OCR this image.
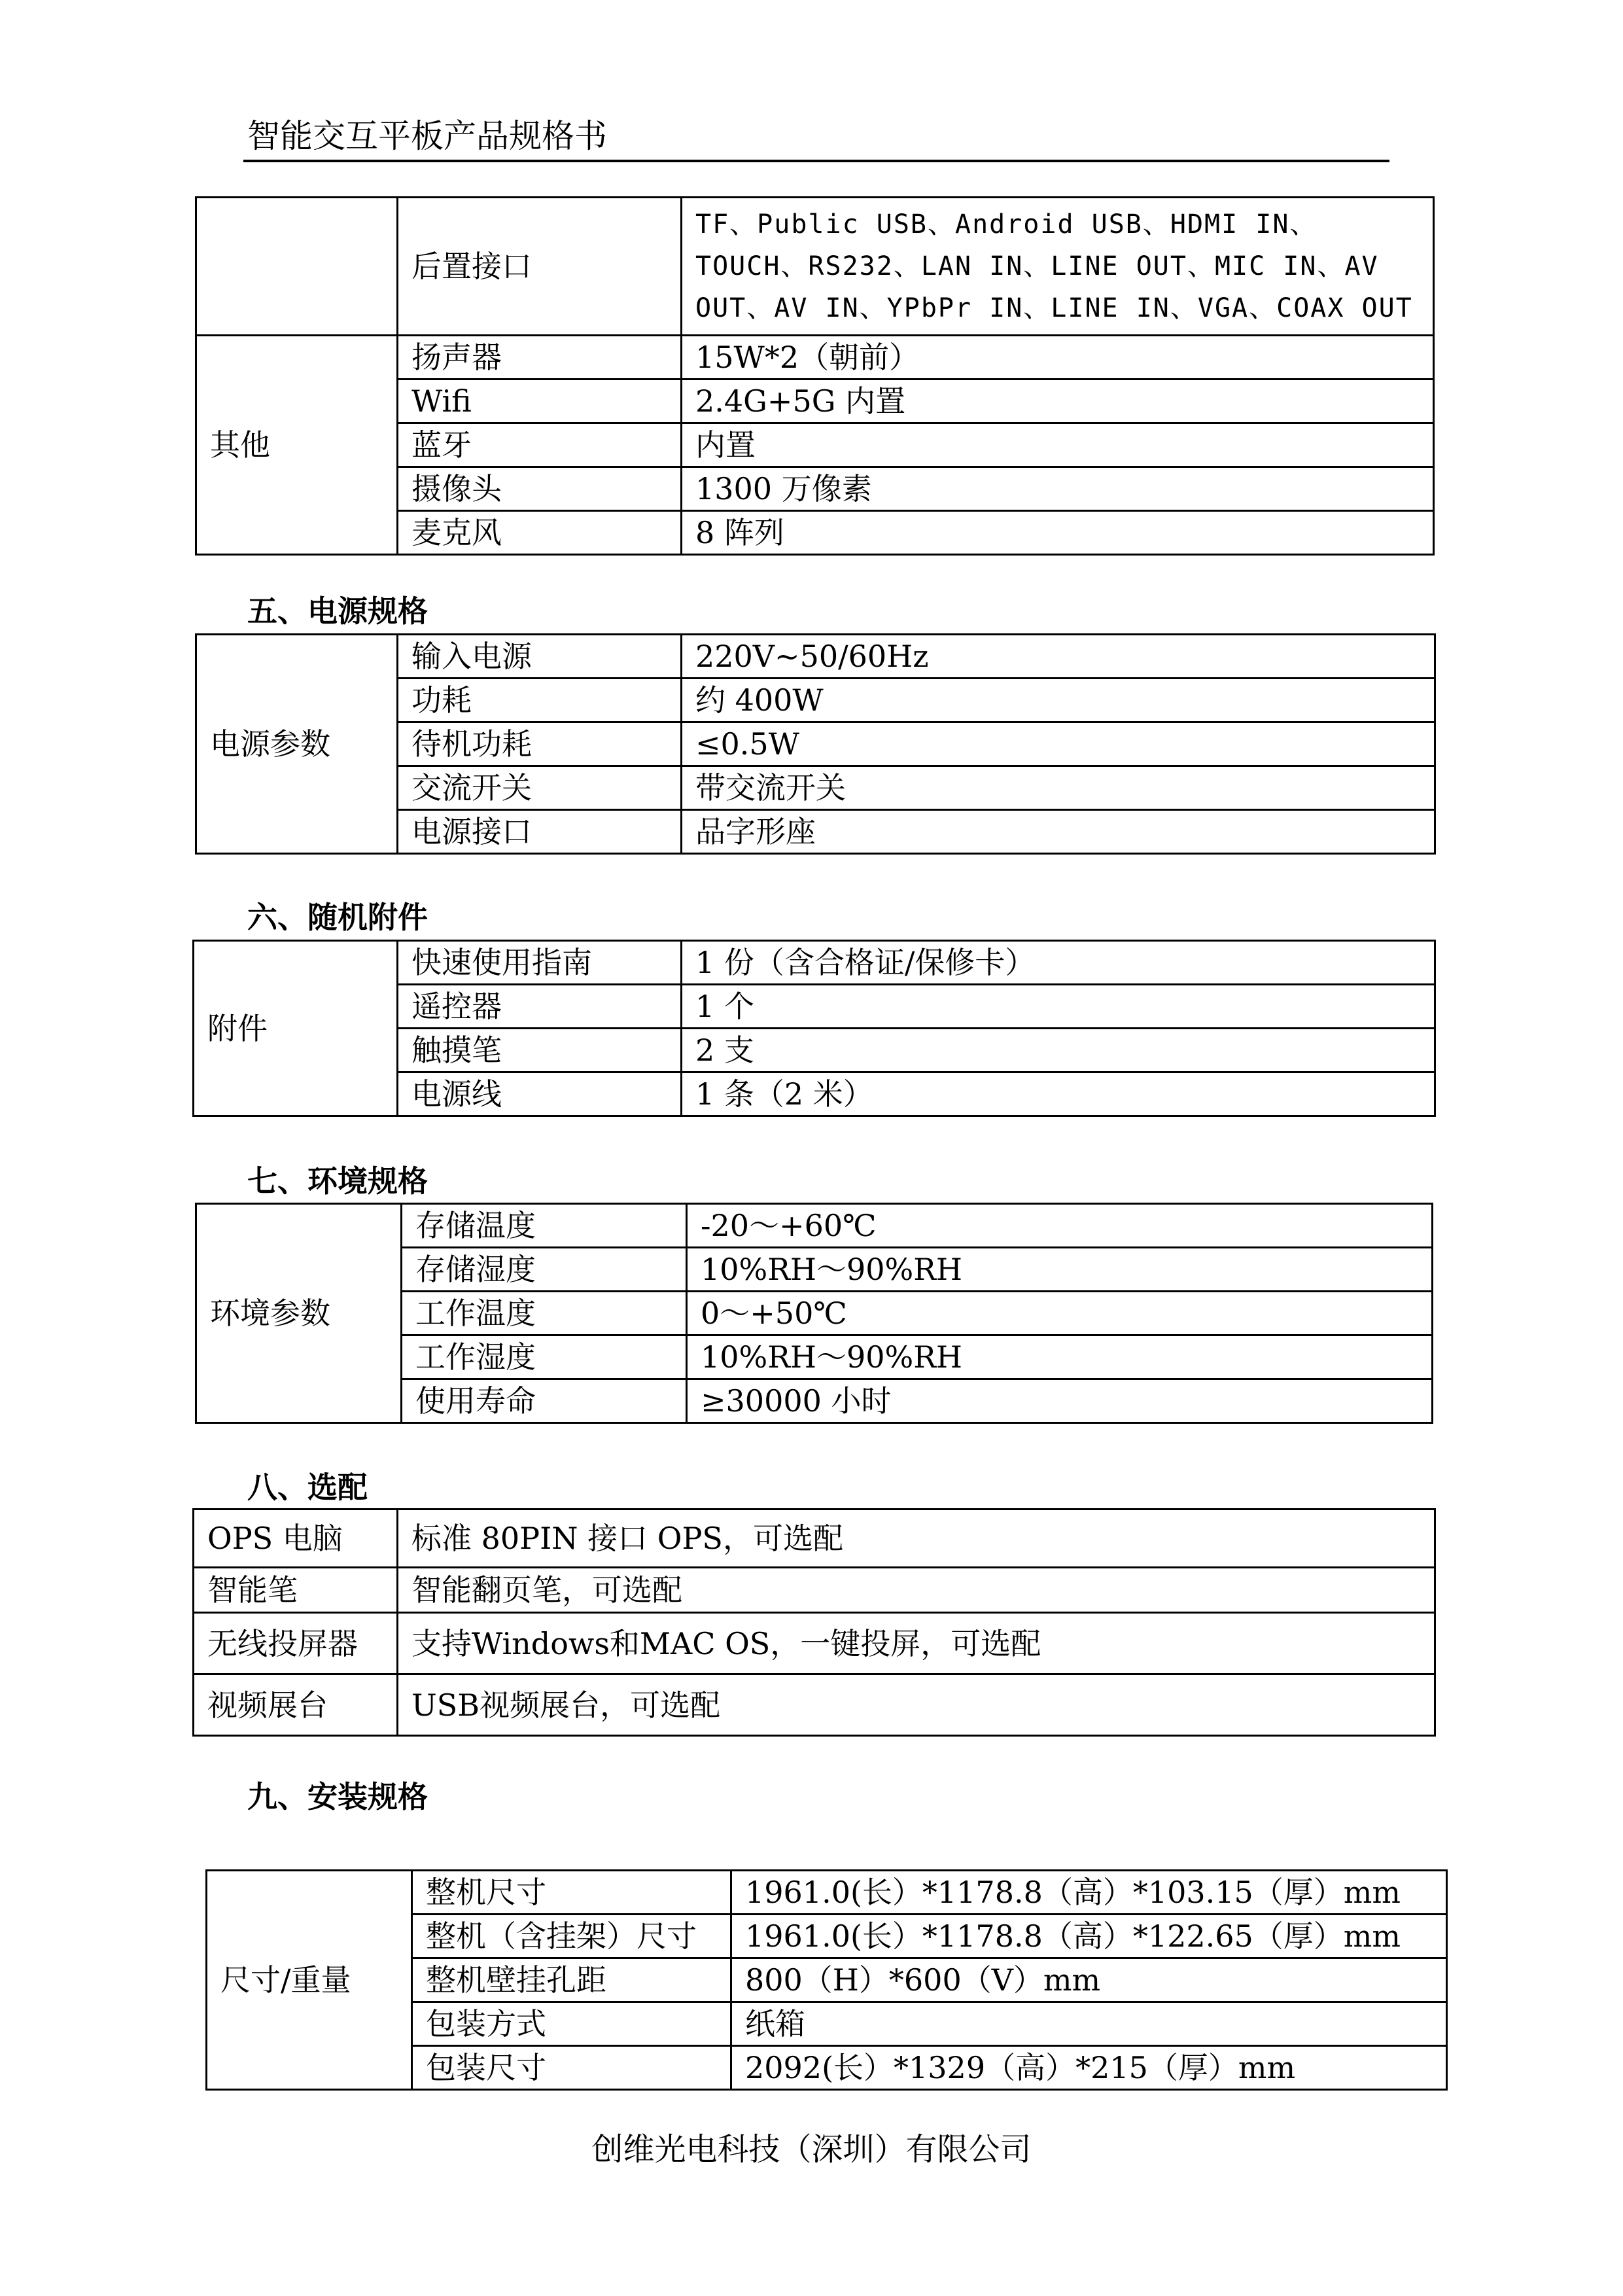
智能交互平板产品规格书
	后置接口	TF、Public USB、Android USB、HDMI IN、TOUCH、RS232、LAN IN、LINE OUT、MIC IN、AV OUT、AV IN、YPbPr IN、LINE IN、VGA、COAX OUT
其他	扬声器	15W*2（朝前）
	Wifi	2.4G+5G 内置
	蓝牙	内置
	摄像头	1300 万像素
	麦克风	8 阵列
五、电源规格
电源参数	输入电源	220V~50/60Hz
	功耗	约 400W
	待机功耗	≤0.5W
	交流开关	带交流开关
	电源接口	品字形座
六、随机附件
附件	快速使用指南	1 份（含合格证/保修卡）
	遥控器	1 个
	触摸笔	2 支
	电源线	1 条（2 米）
七、环境规格
环境参数	存储温度	-20～+60℃
	存储湿度	10%RH～90%RH
	工作温度	0～+50℃
	工作湿度	10%RH～90%RH
	使用寿命	≥30000 小时
八、选配
OPS 电脑	标准 80PIN 接口 OPS，可选配
智能笔	智能翻页笔，可选配
无线投屏器	支持Windows和MAC OS，一键投屏，可选配
视频展台	USB视频展台，可选配
九、安装规格
尺寸/重量	整机尺寸	1961.0(长）*1178.8（高）*103.15（厚）mm
	整机（含挂架）尺寸	1961.0(长）*1178.8（高）*122.65（厚）mm
	整机壁挂孔距	800（H）*600（V）mm
	包装方式	纸箱
	包装尺寸	2092(长）*1329（高）*215（厚）mm
创维光电科技（深圳）有限公司
